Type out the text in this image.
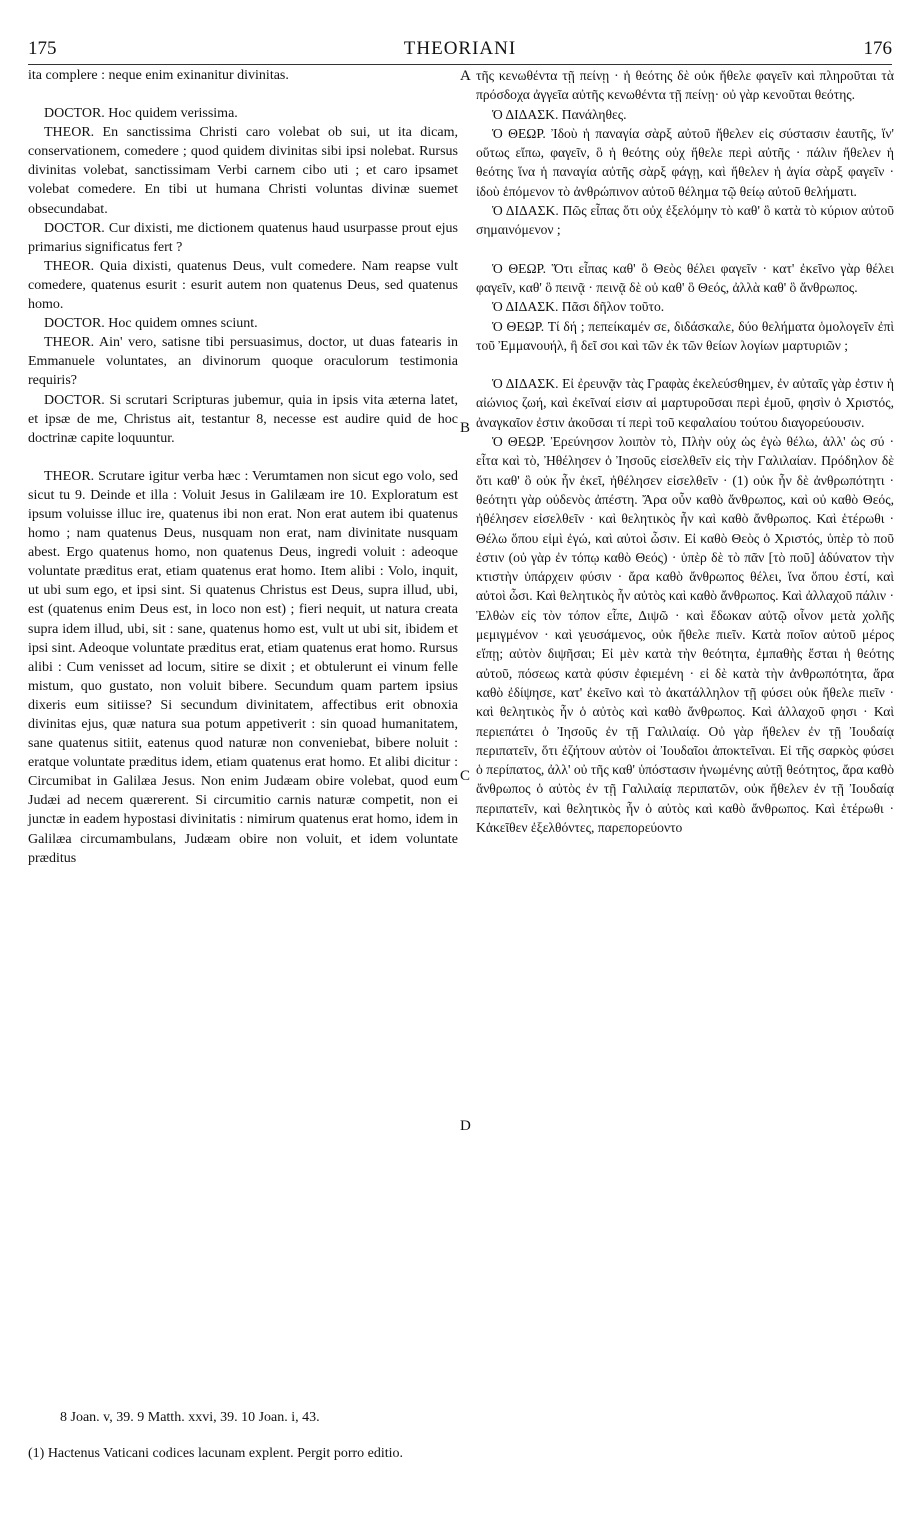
175	THEORIANI	176

ita complere : neque enim exinanitur divinitas.

DOCTOR. Hoc quidem verissima.

THEOR. En sanctissima Christi caro volebat ob sui, ut ita dicam, conservationem, comedere ; quod quidem divinitas sibi ipsi nolebat. Rursus divinitas volebat, sanctissimam Verbi carnem cibo uti ; et caro ipsamet volebat comedere. En tibi ut humana Christi voluntas divinæ suemet obsecundabat.

DOCTOR. Cur dixisti, me dictionem quatenus haud usurpasse prout ejus primarius significatus fert ?

THEOR. Quia dixisti, quatenus Deus, vult comedere. Nam reapse vult comedere, quatenus esurit : esurit autem non quatenus Deus, sed quatenus homo.

DOCTOR. Hoc quidem omnes sciunt.

THEOR. Ain' vero, satisne tibi persuasimus, doctor, ut duas fatearis in Emmanuele voluntates, an divinorum quoque oraculorum testimonia requiris?

DOCTOR. Si scrutari Scripturas jubemur, quia in ipsis vita æterna latet, et ipsæ de me, Christus ait, testantur 8, necesse est audire quid de hoc doctrinæ capite loquuntur.

THEOR. Scrutare igitur verba hæc : Verumtamen non sicut ego volo, sed sicut tu 9. Deinde et illa : Voluit Jesus in Galilæam ire 10. Exploratum est ipsum voluisse illuc ire, quatenus ibi non erat. Non erat autem ibi quatenus homo ; nam quatenus Deus, nusquam non erat, nam divinitate nusquam abest. Ergo quatenus homo, non quatenus Deus, ingredi voluit : adeoque voluntate præditus erat, etiam quatenus erat homo. Item alibi : Volo, inquit, ut ubi sum ego, et ipsi sint. Si quatenus Christus est Deus, supra illud, ubi, est (quatenus enim Deus est, in loco non est) ; fieri nequit, ut natura creata supra idem illud, ubi, sit : sane, quatenus homo est, vult ut ubi sit, ibidem et ipsi sint. Adeoque voluntate præditus erat, etiam quatenus erat homo. Rursus alibi : Cum venisset ad locum, sitire se dixit ; et obtulerunt ei vinum felle mistum, quo gustato, non voluit bibere. Secundum quam partem ipsius dixeris eum sitiisse? Si secundum divinitatem, affectibus erit obnoxia divinitas ejus, quæ natura sua potum appetiverit : sin quoad humanitatem, sane quatenus sitiit, eatenus quod naturæ non conveniebat, bibere noluit : eratque voluntate præditus idem, etiam quatenus erat homo. Et alibi dicitur : Circumibat in Galilæa Jesus. Non enim Judæam obire volebat, quod eum Judæi ad necem quærerent. Si circumitio carnis naturæ competit, non ei junctæ in eadem hypostasi divinitatis : nimirum quatenus erat homo, idem in Galilæa circumambulans, Judæam obire non voluit, et idem voluntate præditus

τῆς κενωθέντα τῇ πείνῃ · ἡ θεότης δὲ οὐκ ἤθελε φαγεῖν καὶ πληροῦται τὰ πρόσδοχα ἀγγεῖα αὐτῆς κενωθέντα τῇ πείνῃ· οὐ γὰρ κενοῦται θεότης.

Ὁ ΔΙΔΑΣΚ. Πανάληθες.

Ὁ ΘΕΩΡ. Ἰδοὺ ἡ παναγία σὰρξ αὐτοῦ ἤθελεν εἰς σύστασιν ἑαυτῆς, ἵν' οὕτως εἴπω, φαγεῖν, ὃ ἡ θεότης οὐχ ἤθελε περὶ αὐτῆς · πάλιν ἤθελεν ἡ θεότης ἵνα ἡ παναγία αὐτῆς σὰρξ φάγῃ, καὶ ἤθελεν ἡ ἁγία σὰρξ φαγεῖν · ἰδοὺ ἑπόμενον τὸ ἀνθρώπινον αὐτοῦ θέλημα τῷ θείῳ αὐτοῦ θελήματι.

Ὁ ΔΙΔΑΣΚ. Πῶς εἶπας ὅτι οὐχ ἐξελόμην τὸ καθ' ὃ κατὰ τὸ κύριον αὐτοῦ σημαινόμενον ;

Ὁ ΘΕΩΡ. Ὅτι εἶπας καθ' ὃ Θεὸς θέλει φαγεῖν · κατ' ἐκεῖνο γὰρ θέλει φαγεῖν, καθ' ὃ πεινᾷ · πεινᾷ δὲ οὐ καθ' ὃ Θεός, ἀλλὰ καθ' ὃ ἄνθρωπος.

Ὁ ΔΙΔΑΣΚ. Πᾶσι δῆλον τοῦτο.

Ὁ ΘΕΩΡ. Τί δή ; πεπείκαμέν σε, διδάσκαλε, δύο θελήματα ὁμολογεῖν ἐπὶ τοῦ Ἐμμανουήλ, ἢ δεῖ σοι καὶ τῶν ἐκ τῶν θείων λογίων μαρτυριῶν ;

Ὁ ΔΙΔΑΣΚ. Εἰ ἐρευνᾷν τὰς Γραφὰς ἐκελεύσθημεν, ἐν αὐταῖς γὰρ ἐστιν ἡ αἰώνιος ζωή, καὶ ἐκεῖναί εἰσιν αἱ μαρτυροῦσαι περὶ ἐμοῦ, φησὶν ὁ Χριστός, ἀναγκαῖον ἐστιν ἀκοῦσαι τί περὶ τοῦ κεφαλαίου τούτου διαγορεύουσιν.

Ὁ ΘΕΩΡ. Ἐρεύνησον λοιπὸν τὸ, Πλὴν οὐχ ὡς ἐγὼ θέλω, ἀλλ' ὡς σύ · εἶτα καὶ τὸ, Ἠθέλησεν ὁ Ἰησοῦς εἰσελθεῖν εἰς τὴν Γαλιλαίαν. Πρόδηλον δὲ ὅτι καθ' ὃ οὐκ ἦν ἐκεῖ, ἠθέλησεν εἰσελθεῖν · (1) οὐκ ἦν δὲ ἀνθρωπότητι · θεότητι γὰρ οὐδενὸς ἀπέστη. Ἄρα οὖν καθὸ ἄνθρωπος, καὶ οὐ καθὸ Θεός, ἠθέλησεν εἰσελθεῖν · καὶ θελητικὸς ἦν καὶ καθὸ ἄνθρωπος. Καὶ ἑτέρωθι · Θέλω ὅπου εἰμὶ ἐγώ, καὶ αὐτοὶ ὦσιν. Εἰ καθὸ Θεὸς ὁ Χριστός, ὑπὲρ τὸ ποῦ ἐστιν (οὐ γὰρ ἐν τόπῳ καθὸ Θεός) · ὑπὲρ δὲ τὸ πᾶν [τὸ ποῦ] ἀδύνατον τὴν κτιστὴν ὑπάρχειν φύσιν · ἄρα καθὸ ἄνθρωπος θέλει, ἵνα ὅπου ἐστί, καὶ αὐτοὶ ὦσι. Καὶ θελητικὸς ἦν αὐτὸς καὶ καθὸ ἄνθρωπος. Καὶ ἀλλαχοῦ πάλιν · Ἐλθὼν εἰς τὸν τόπον εἶπε, Διψῶ · καὶ ἔδωκαν αὐτῷ οἶνον μετὰ χολῆς μεμιγμένον · καὶ γευσάμενος, οὐκ ἤθελε πιεῖν. Κατὰ ποῖον αὐτοῦ μέρος εἴπῃ; αὐτὸν διψῆσαι; Εἰ μὲν κατὰ τὴν θεότητα, ἐμπαθὴς ἔσται ἡ θεότης αὐτοῦ, πόσεως κατὰ φύσιν ἐφιεμένη · εἰ δὲ κατὰ τὴν ἀνθρωπότητα, ἄρα καθὸ ἐδίψησε, κατ' ἐκεῖνο καὶ τὸ ἀκατάλληλον τῇ φύσει οὐκ ἤθελε πιεῖν · καὶ θελητικὸς ἦν ὁ αὐτὸς καὶ καθὸ ἄνθρωπος. Καὶ ἀλλαχοῦ φησι · Καὶ περιεπάτει ὁ Ἰησοῦς ἐν τῇ Γαλιλαίᾳ. Οὐ γὰρ ἤθελεν ἐν τῇ Ἰουδαίᾳ περιπατεῖν, ὅτι ἐζήτουν αὐτὸν οἱ Ἰουδαῖοι ἀποκτεῖναι. Εἰ τῆς σαρκὸς φύσει ὁ περίπατος, ἀλλ' οὐ τῆς καθ' ὑπόστασιν ἡνωμένης αὐτῇ θεότητος, ἄρα καθὸ ἄνθρωπος ὁ αὐτὸς ἐν τῇ Γαλιλαίᾳ περιπατῶν, οὐκ ἤθελεν ἐν τῇ Ἰουδαίᾳ περιπατεῖν, καὶ θελητικὸς ἦν ὁ αὐτὸς καὶ καθὸ ἄνθρωπος. Καὶ ἑτέρωθι · Κἀκεῖθεν ἐξελθόντες, παρεπορεύοντο

A
B
C
D
8 Joan. v, 39. 9 Matth. xxvi, 39. 10 Joan. i, 43.
(1) Hactenus Vaticani codices lacunam explent. Pergit porro editio.
